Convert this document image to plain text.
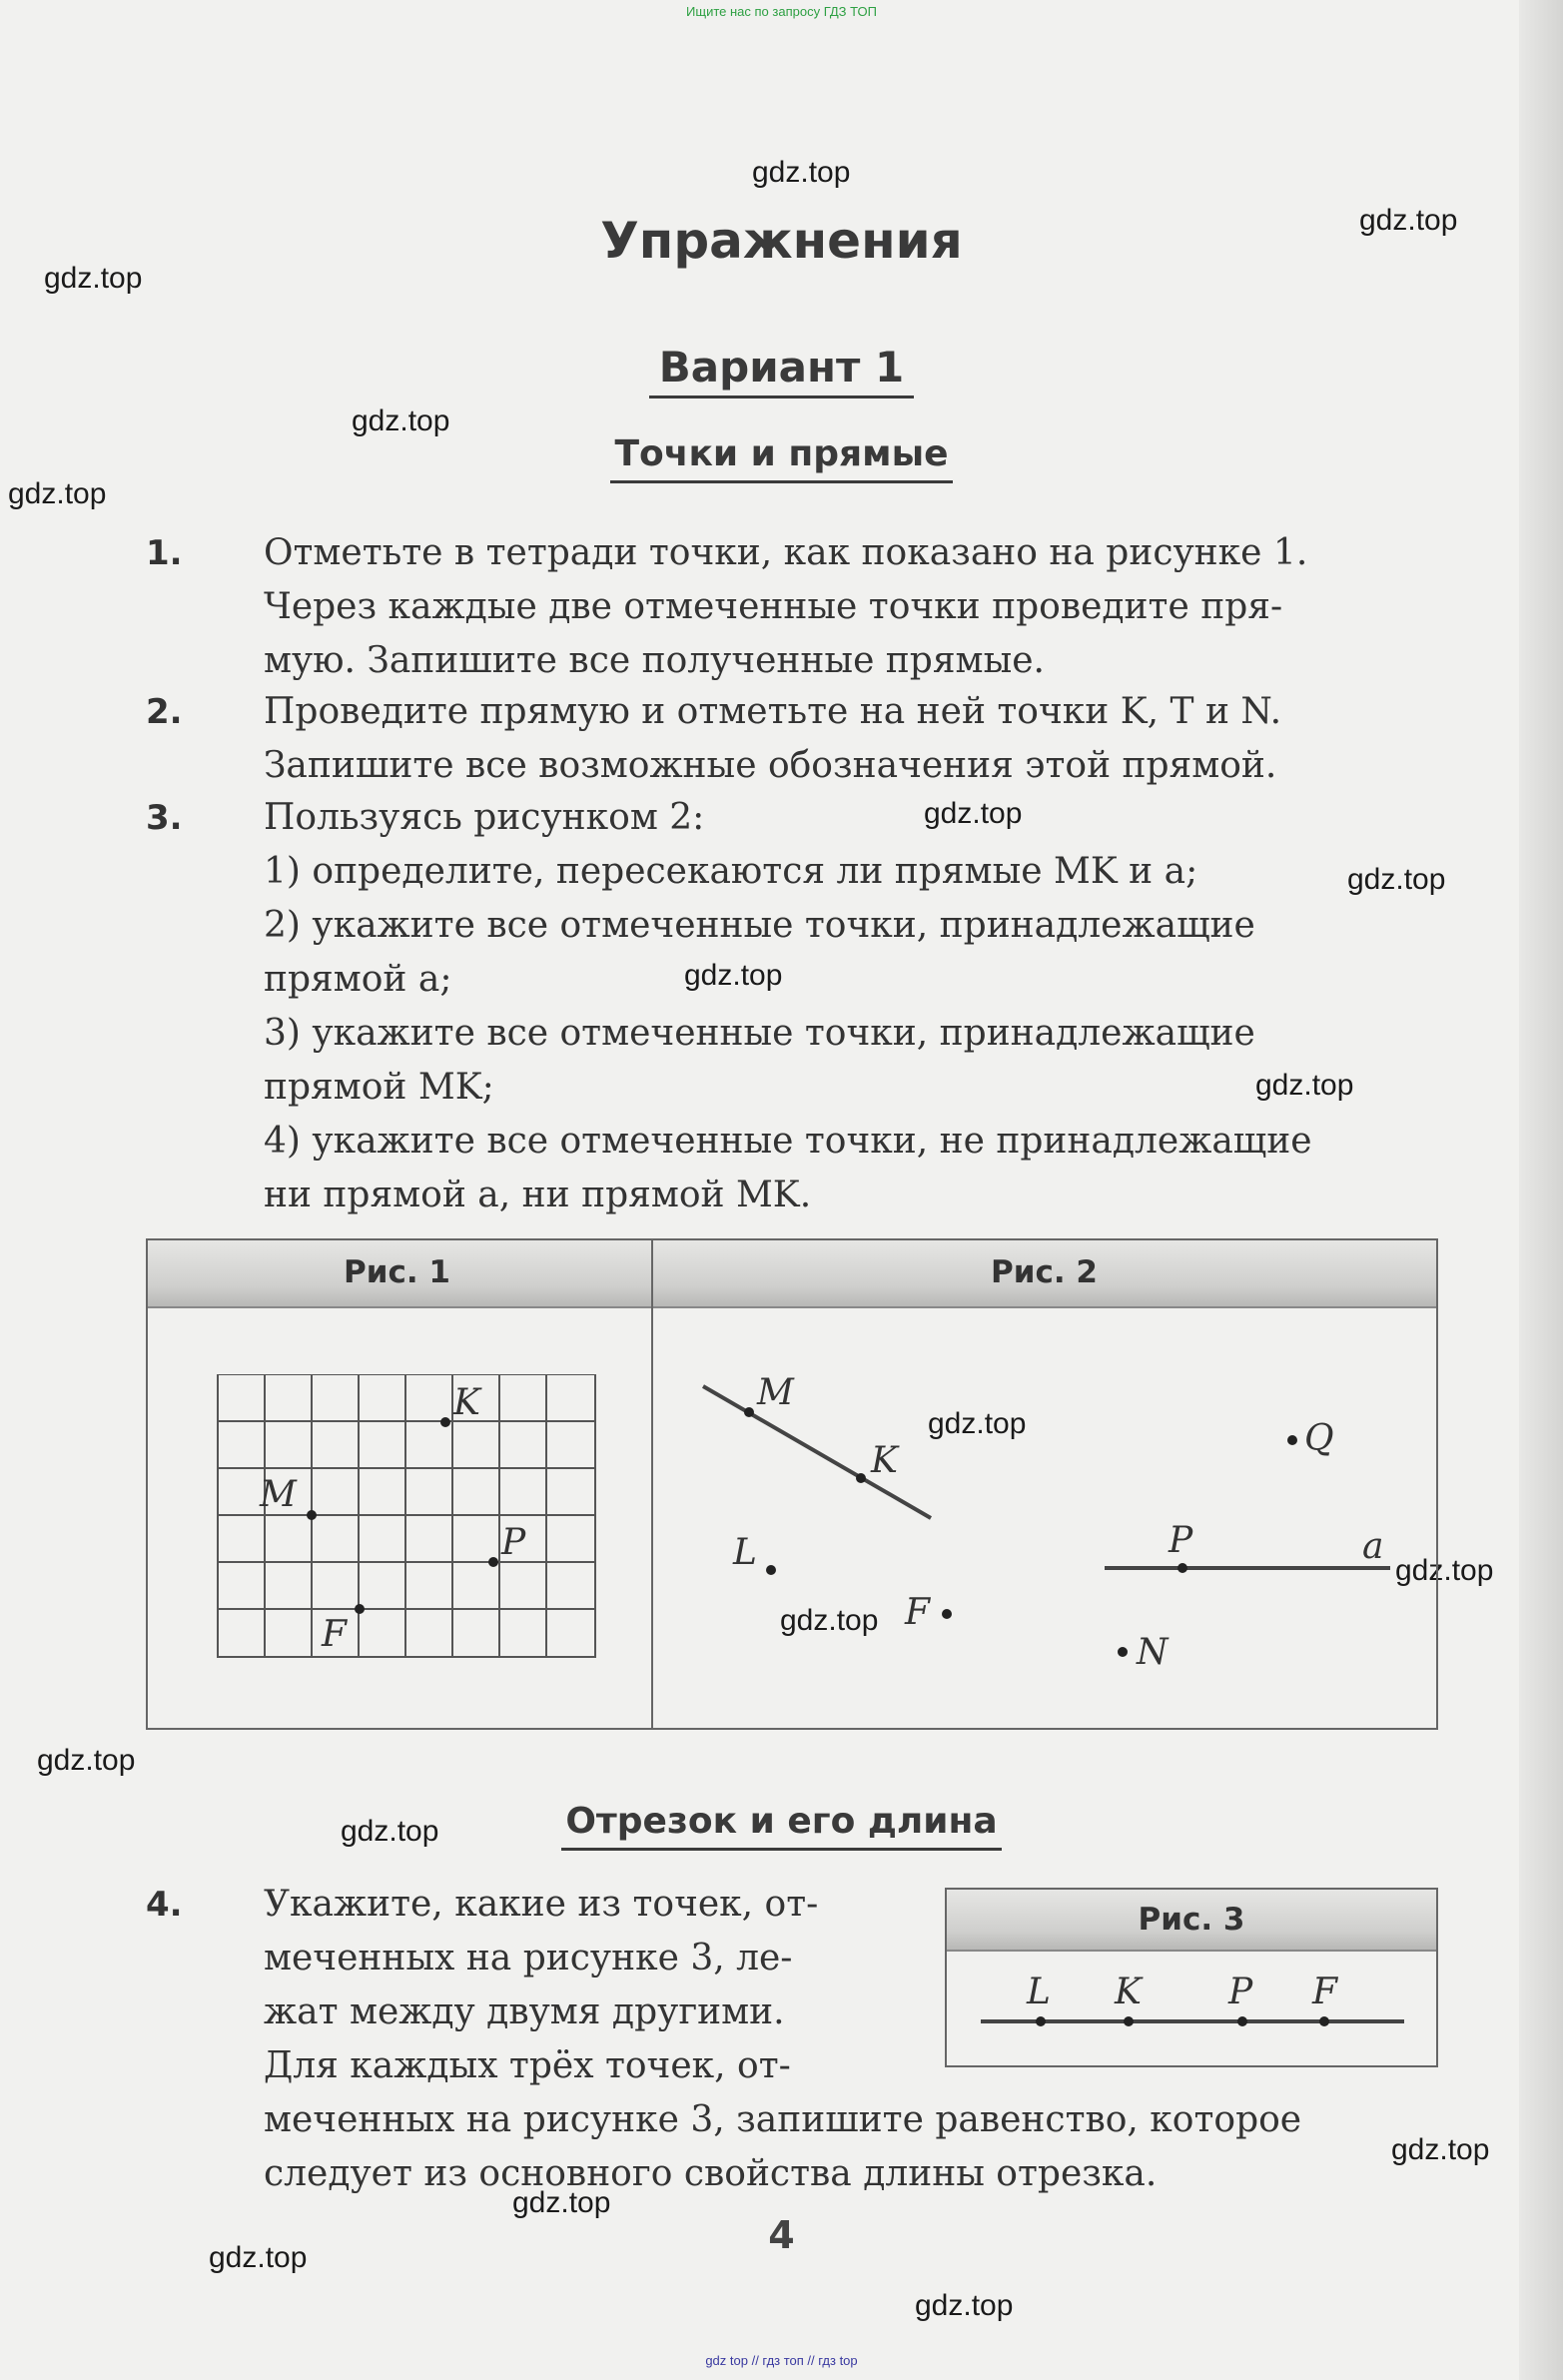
Ищите нас по запросу ГДЗ ТОП
gdz.top
gdz.top
gdz.top
gdz.top
gdz.top
gdz.top
gdz.top
gdz.top
gdz.top
gdz.top
gdz.top
gdz.top
gdz.top
gdz.top
gdz.top
gdz.top
gdz.top
gdz.top
Упражнения
Вариант 1
Точки и прямые
1. Отметьте в тетради точки, как показано на рисунке 1.
Через каждые две отмеченные точки проведите пря-
мую. Запишите все полученные прямые.
2. Проведите прямую и отметьте на ней точки K, T и N.
Запишите все возможные обозначения этой прямой.
3. Пользуясь рисунком 2:
1) определите, пересекаются ли прямые MK и a;
2) укажите все отмеченные точки, принадлежащие
прямой a;
3) укажите все отмеченные точки, принадлежащие
прямой MK;
4) укажите все отмеченные точки, не принадлежащие
ни прямой a, ни прямой MK.
Рис. 1	Рис. 2
K
M
P
F
M
K
L
F
Q
P	a
N
Отрезок и его длина
4. Укажите, какие из точек, от-
меченных на рисунке 3, ле-
жат между двумя другими.
Для каждых трёх точек, от-
меченных на рисунке 3, запишите равенство, которое
следует из основного свойства длины отрезка.
Рис. 3
L K P F
4
gdz top // гдз топ // гдз top
